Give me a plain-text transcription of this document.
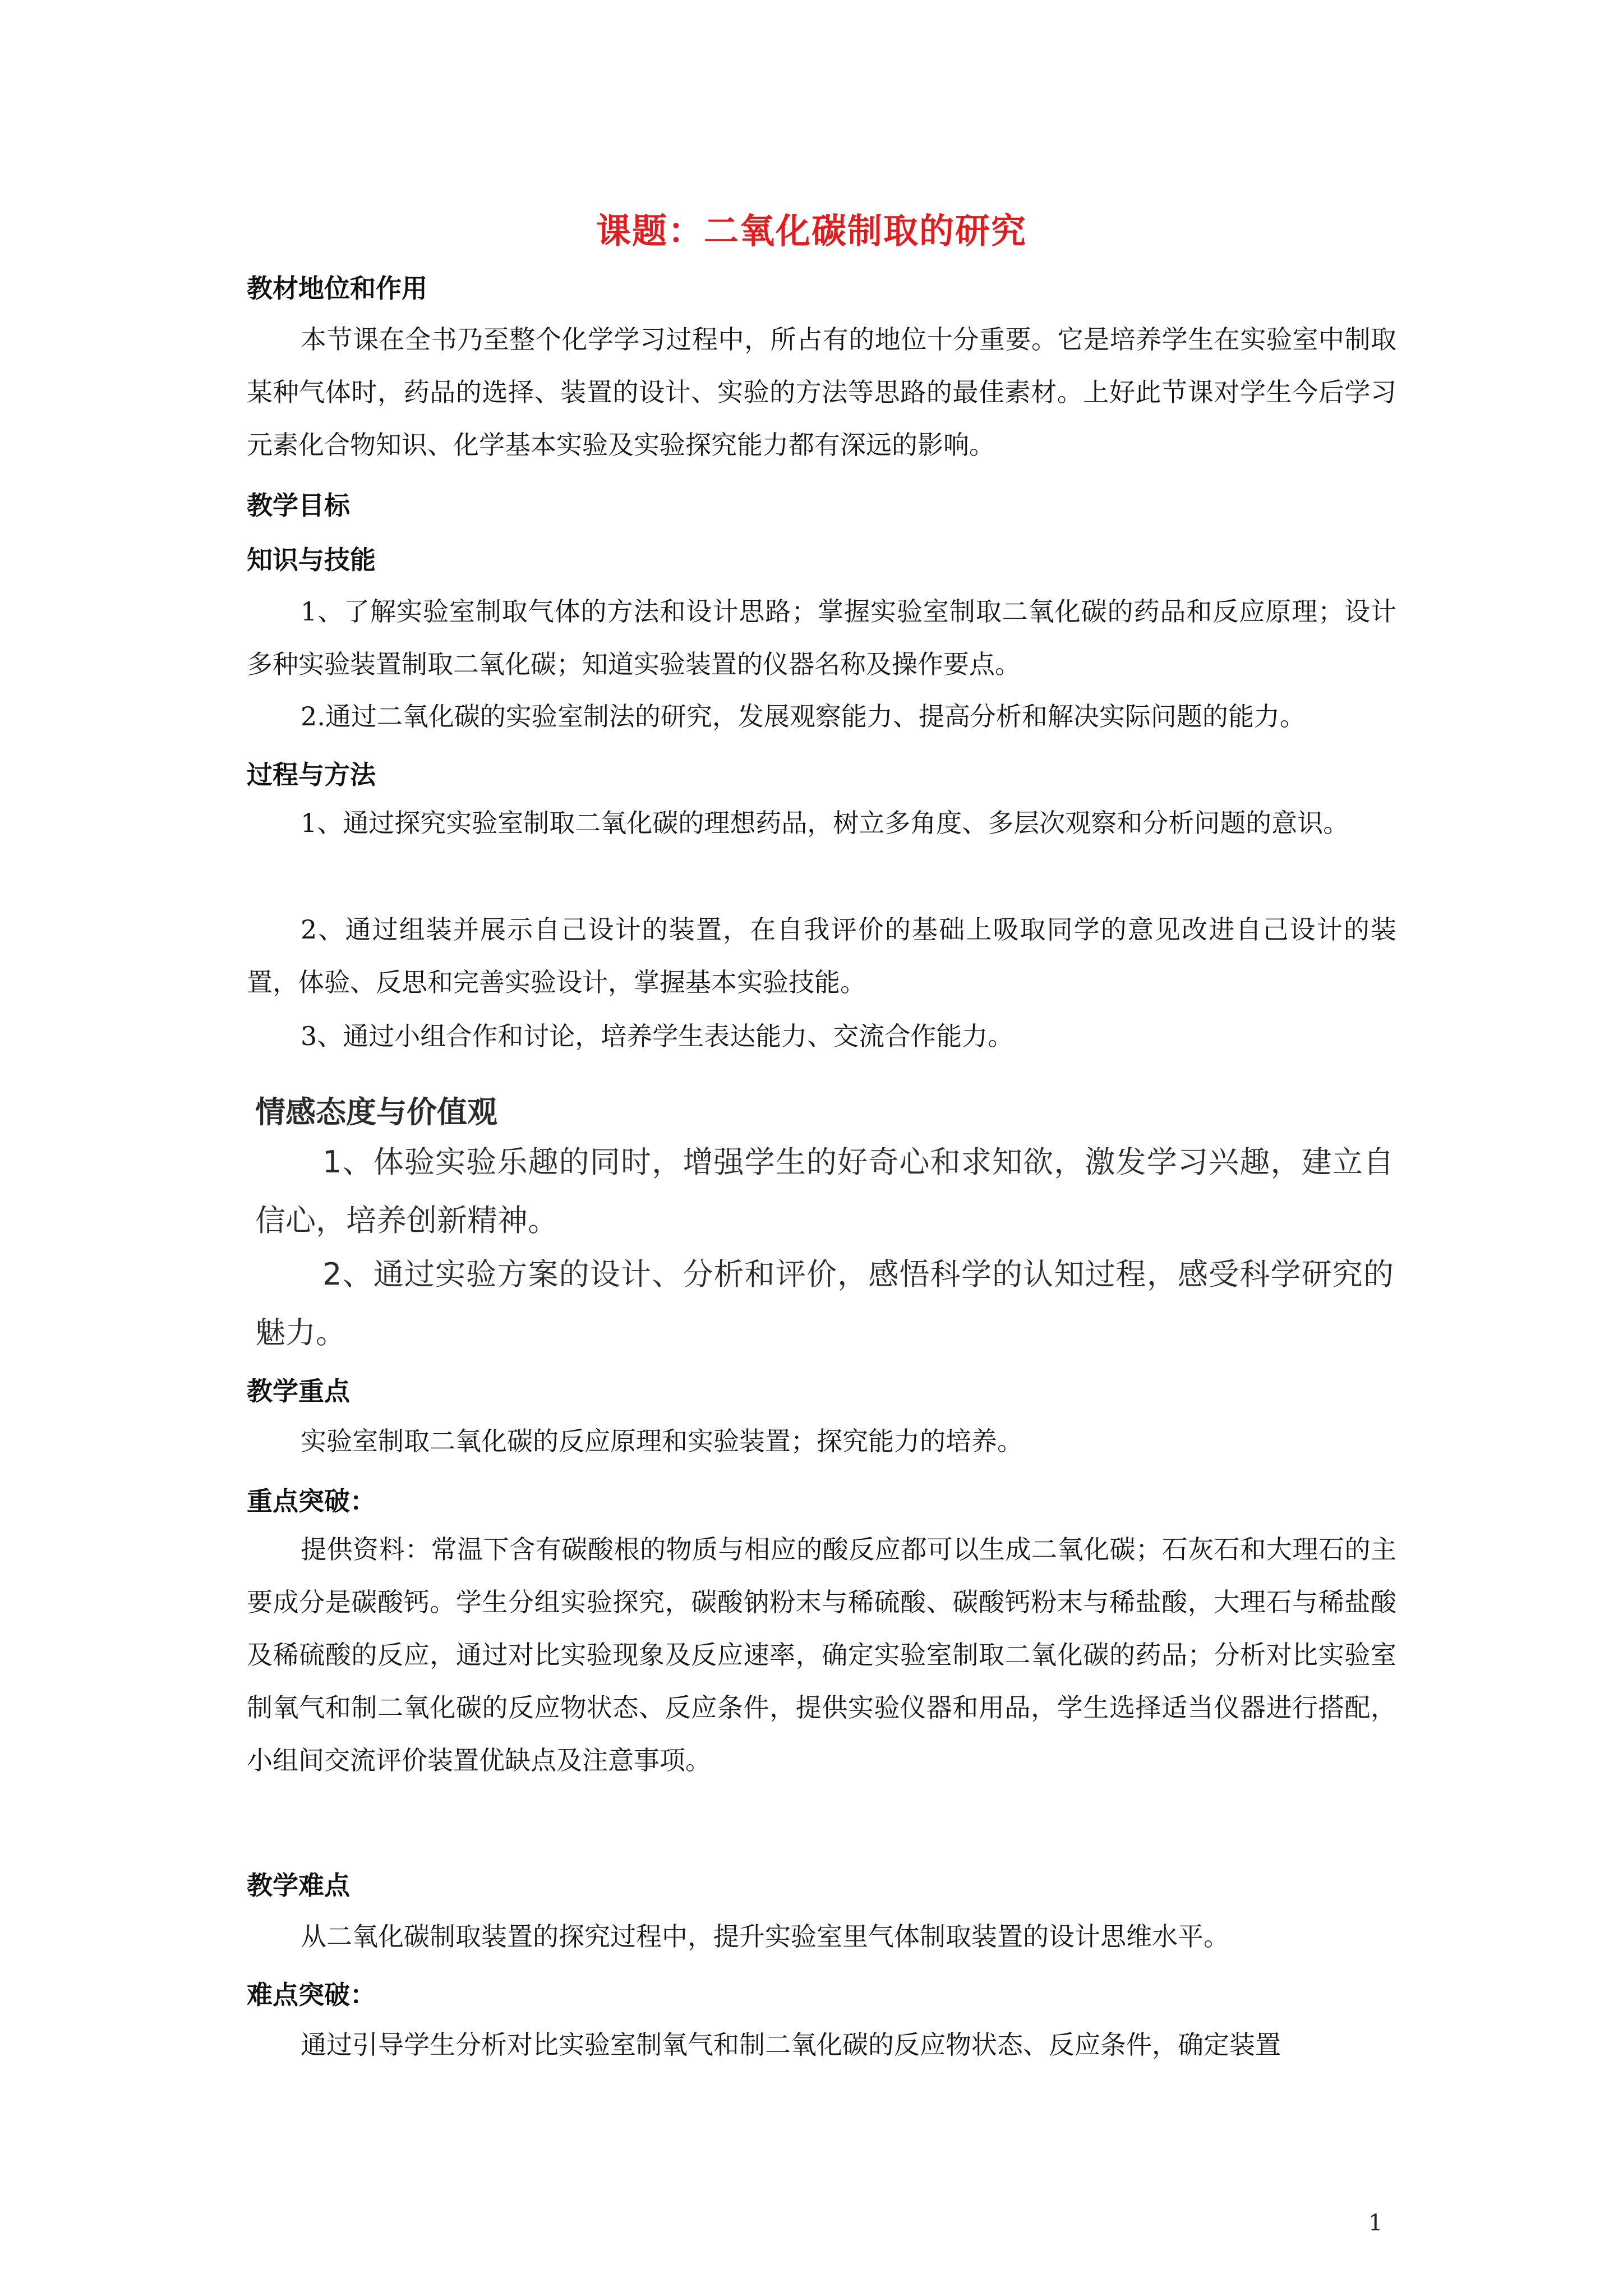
课题：二氧化碳制取的研究
教材地位和作用
本节课在全书乃至整个化学学习过程中，所占有的地位十分重要。它是培养学生在实验室中制取某种气体时，药品的选择、装置的设计、实验的方法等思路的最佳素材。上好此节课对学生今后学习元素化合物知识、化学基本实验及实验探究能力都有深远的影响。
教学目标
知识与技能
1、了解实验室制取气体的方法和设计思路；掌握实验室制取二氧化碳的药品和反应原理；设计多种实验装置制取二氧化碳；知道实验装置的仪器名称及操作要点。
2.通过二氧化碳的实验室制法的研究，发展观察能力、提高分析和解决实际问题的能力。
过程与方法
1、通过探究实验室制取二氧化碳的理想药品，树立多角度、多层次观察和分析问题的意识。
2、通过组装并展示自己设计的装置，在自我评价的基础上吸取同学的意见改进自己设计的装置，体验、反思和完善实验设计，掌握基本实验技能。
3、通过小组合作和讨论，培养学生表达能力、交流合作能力。
情感态度与价值观
1、体验实验乐趣的同时，增强学生的好奇心和求知欲，激发学习兴趣，建立自信心，培养创新精神。
2、通过实验方案的设计、分析和评价，感悟科学的认知过程，感受科学研究的魅力。
教学重点
实验室制取二氧化碳的反应原理和实验装置；探究能力的培养。
重点突破：
提供资料：常温下含有碳酸根的物质与相应的酸反应都可以生成二氧化碳；石灰石和大理石的主要成分是碳酸钙。学生分组实验探究，碳酸钠粉末与稀硫酸、碳酸钙粉末与稀盐酸，大理石与稀盐酸及稀硫酸的反应，通过对比实验现象及反应速率，确定实验室制取二氧化碳的药品；分析对比实验室制氧气和制二氧化碳的反应物状态、反应条件，提供实验仪器和用品，学生选择适当仪器进行搭配，小组间交流评价装置优缺点及注意事项。
教学难点
从二氧化碳制取装置的探究过程中，提升实验室里气体制取装置的设计思维水平。
难点突破：
通过引导学生分析对比实验室制氧气和制二氧化碳的反应物状态、反应条件，确定装置
1
